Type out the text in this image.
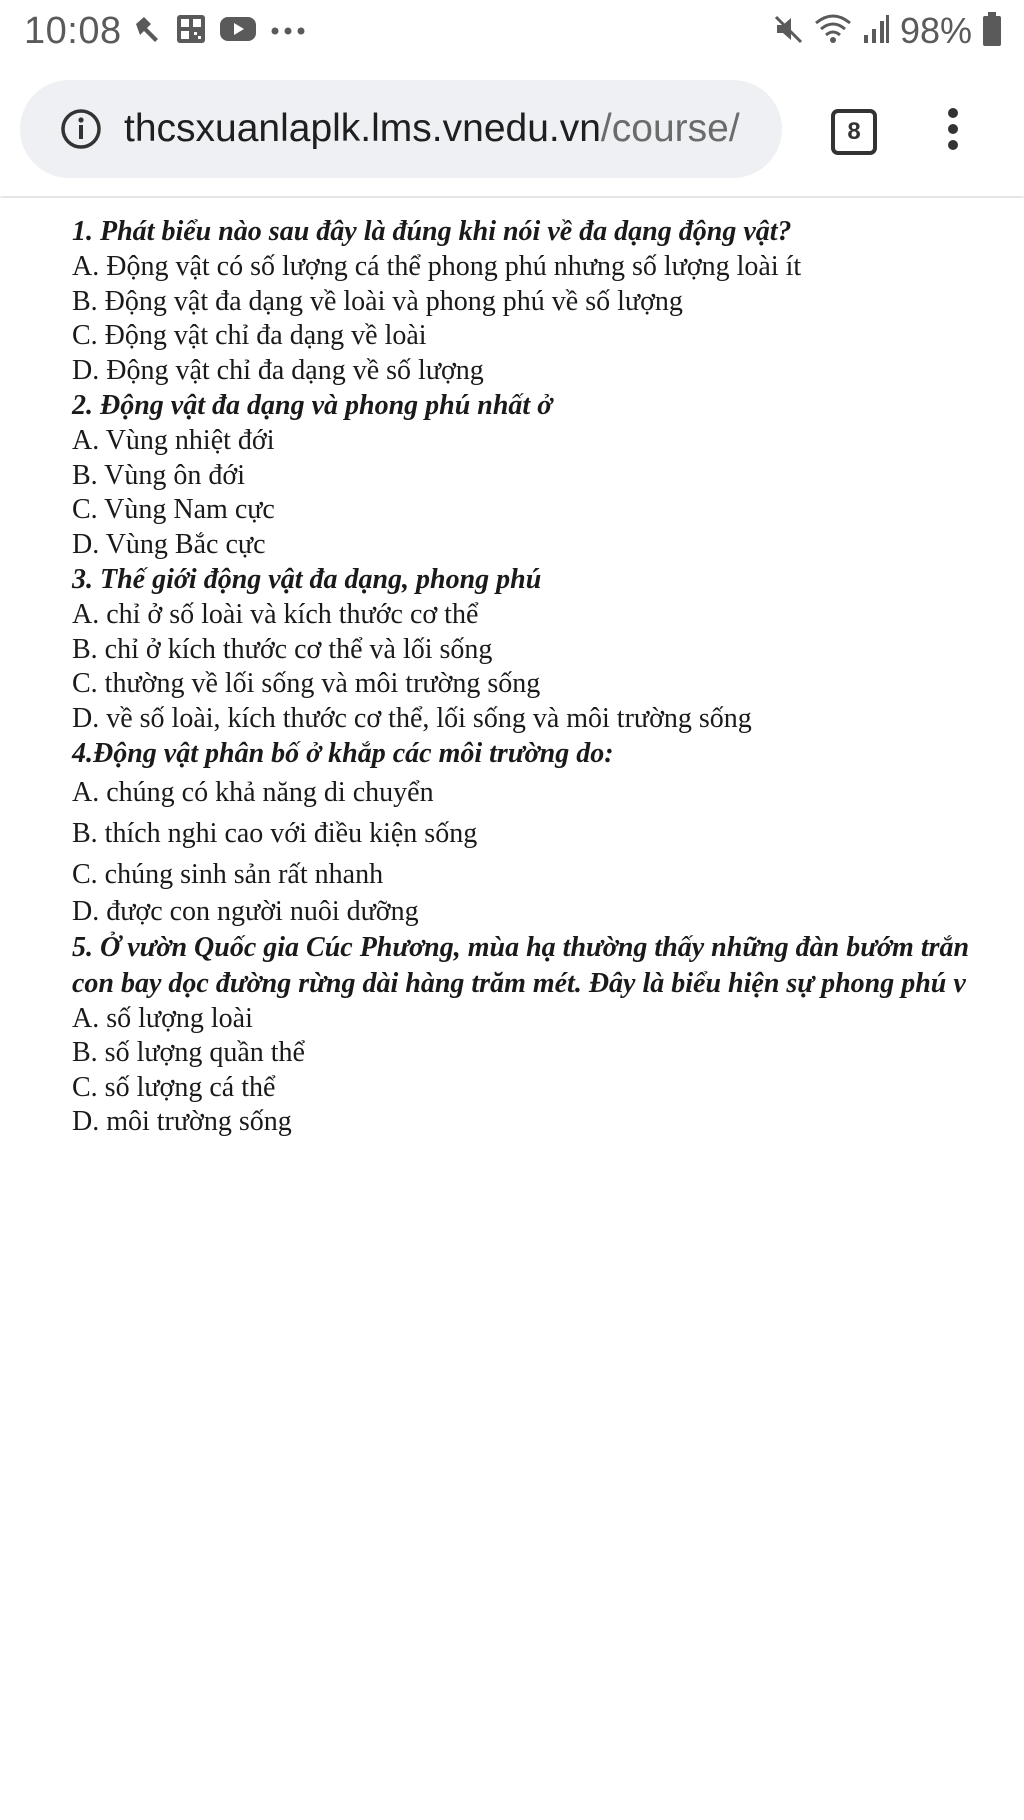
10:08	98%
thcsxuanlaplk.lms.vnedu.vn/course/	8
1. Phát biểu nào sau đây là đúng khi nói về đa dạng động vật?
A. Động vật có số lượng cá thể phong phú nhưng số lượng loài ít
B. Động vật đa dạng về loài và phong phú về số lượng
C. Động vật chỉ đa dạng về loài
D. Động vật chỉ đa dạng về số lượng
2. Động vật đa dạng và phong phú nhất ở
A. Vùng nhiệt đới
B. Vùng ôn đới
C. Vùng Nam cực
D. Vùng Bắc cực
3. Thế giới động vật đa dạng, phong phú
A. chỉ ở số loài và kích thước cơ thể
B. chỉ ở kích thước cơ thể và lối sống
C. thường về lối sống và môi trường sống
D. về số loài, kích thước cơ thể, lối sống và môi trường sống
4.Động vật phân bố ở khắp các môi trường do:
A. chúng có khả năng di chuyển
B. thích nghi cao với điều kiện sống
C. chúng sinh sản rất nhanh
D. được con người nuôi dưỡng
5. Ở vườn Quốc gia Cúc Phương, mùa hạ thường thấy những đàn bướm trắn
con bay dọc đường rừng dài hàng trăm mét. Đây là biểu hiện sự phong phú v
A. số lượng loài
B. số lượng quần thể
C. số lượng cá thể
D. môi trường sống
